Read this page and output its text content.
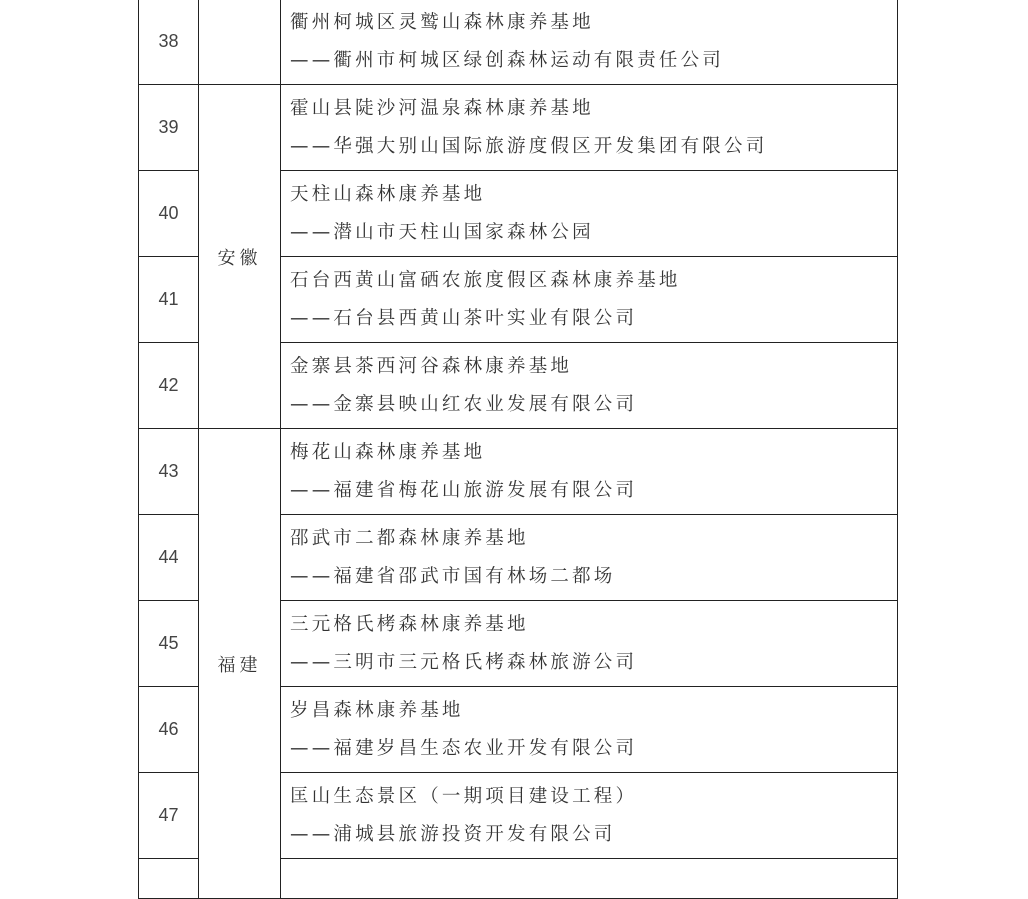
38		衢州柯城区灵鹫山森林康养基地
——衢州市柯城区绿创森林运动有限责任公司

39	安徽	霍山县陡沙河温泉森林康养基地
——华强大别山国际旅游度假区开发集团有限公司

40		天柱山森林康养基地
——潜山市天柱山国家森林公园

41		石台西黄山富硒农旅度假区森林康养基地
——石台县西黄山茶叶实业有限公司

42		金寨县茶西河谷森林康养基地
——金寨县映山红农业发展有限公司

43	福建	梅花山森林康养基地
——福建省梅花山旅游发展有限公司

44		邵武市二都森林康养基地
——福建省邵武市国有林场二都场

45		三元格氏栲森林康养基地
——三明市三元格氏栲森林旅游公司

46		岁昌森林康养基地
——福建岁昌生态农业开发有限公司

47		匡山生态景区（一期项目建设工程）
——浦城县旅游投资开发有限公司
